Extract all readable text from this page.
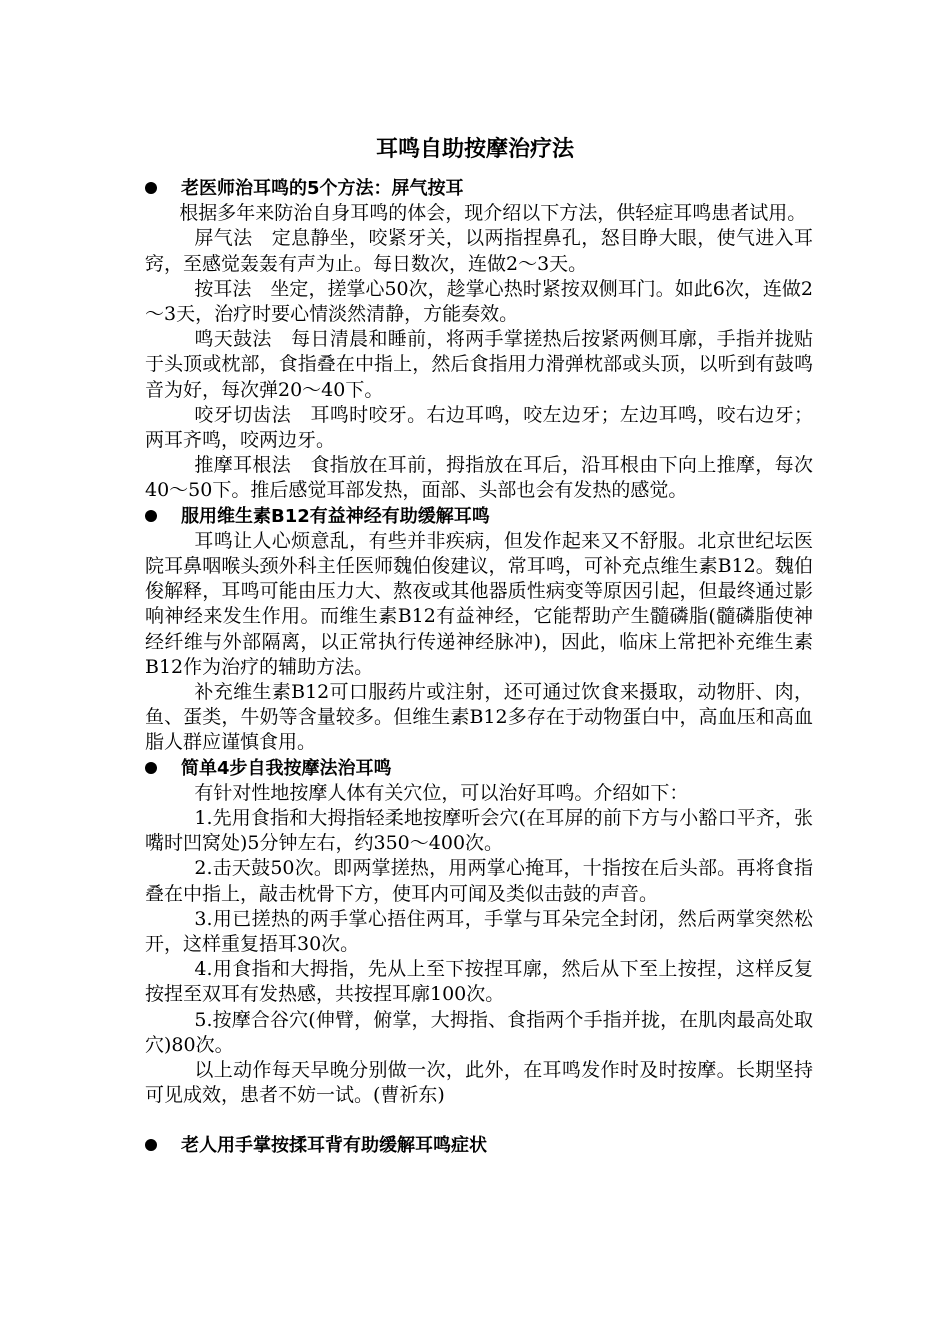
耳鸣自助按摩治疗法
老医师治耳鸣的5个方法：屏气按耳

根据多年来防治自身耳鸣的体会，现介绍以下方法，供轻症耳鸣患者试用。

屏气法　定息静坐，咬紧牙关，以两指捏鼻孔，怒目睁大眼，使气进入耳窍，至感觉轰轰有声为止。每日数次，连做2～3天。

按耳法　坐定，搓掌心50次，趁掌心热时紧按双侧耳门。如此6次，连做2～3天，治疗时要心情淡然清静，方能奏效。

鸣天鼓法　每日清晨和睡前，将两手掌搓热后按紧两侧耳廓，手指并拢贴于头顶或枕部，食指叠在中指上，然后食指用力滑弹枕部或头顶，以听到有鼓鸣音为好，每次弹20～40下。

咬牙切齿法　耳鸣时咬牙。右边耳鸣，咬左边牙；左边耳鸣，咬右边牙；两耳齐鸣，咬两边牙。

推摩耳根法　食指放在耳前，拇指放在耳后，沿耳根由下向上推摩，每次40～50下。推后感觉耳部发热，面部、头部也会有发热的感觉。

服用维生素B12有益神经有助缓解耳鸣

耳鸣让人心烦意乱，有些并非疾病，但发作起来又不舒服。北京世纪坛医院耳鼻咽喉头颈外科主任医师魏伯俊建议，常耳鸣，可补充点维生素B12。魏伯俊解释，耳鸣可能由压力大、熬夜或其他器质性病变等原因引起，但最终通过影响神经来发生作用。而维生素B12有益神经，它能帮助产生髓磷脂(髓磷脂使神经纤维与外部隔离，以正常执行传递神经脉冲)，因此，临床上常把补充维生素B12作为治疗的辅助方法。

补充维生素B12可口服药片或注射，还可通过饮食来摄取，动物肝、肉，鱼、蛋类，牛奶等含量较多。但维生素B12多存在于动物蛋白中，高血压和高血脂人群应谨慎食用。

简单4步自我按摩法治耳鸣

有针对性地按摩人体有关穴位，可以治好耳鸣。介绍如下：

1.先用食指和大拇指轻柔地按摩听会穴(在耳屏的前下方与小豁口平齐，张嘴时凹窝处)5分钟左右，约350～400次。

2.击天鼓50次。即两掌搓热，用两掌心掩耳，十指按在后头部。再将食指叠在中指上，敲击枕骨下方，使耳内可闻及类似击鼓的声音。

3.用已搓热的两手掌心捂住两耳，手掌与耳朵完全封闭，然后两掌突然松开，这样重复捂耳30次。

4.用食指和大拇指，先从上至下按捏耳廓，然后从下至上按捏，这样反复按捏至双耳有发热感，共按捏耳廓100次。

5.按摩合谷穴(伸臂，俯掌，大拇指、食指两个手指并拢，在肌肉最高处取穴)80次。

以上动作每天早晚分别做一次，此外，在耳鸣发作时及时按摩。长期坚持可见成效，患者不妨一试。(曹祈东)

老人用手掌按揉耳背有助缓解耳鸣症状
